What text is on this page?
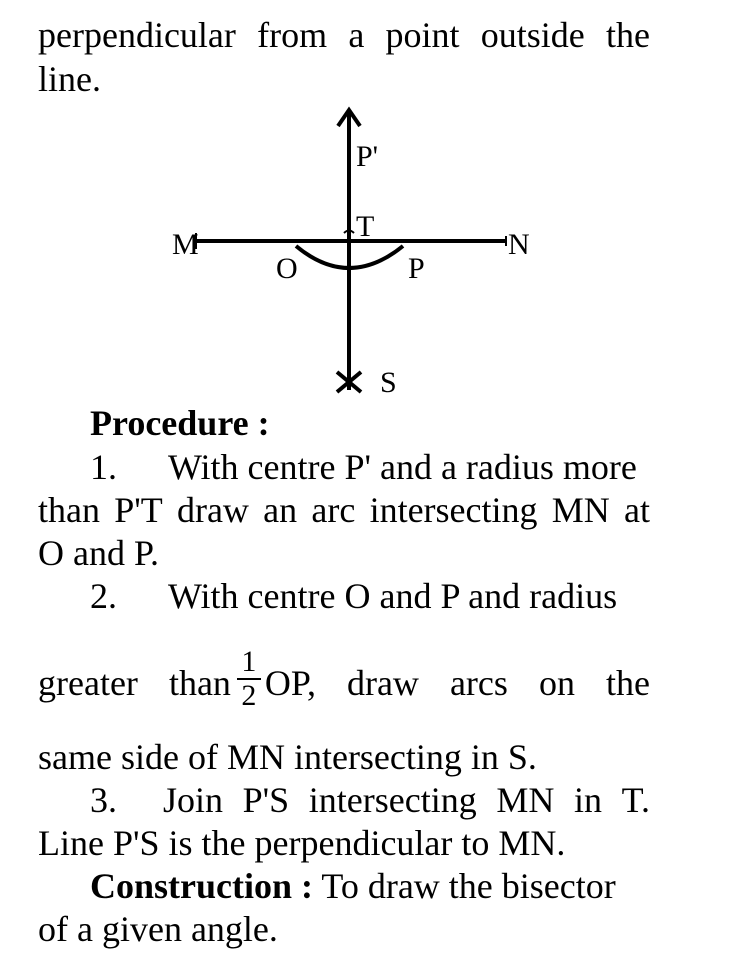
perpendicular from a point outside the
line.
P'
T
M	N
O	P
S
Procedure :
1. With centre P' and a radius more
than P'T draw an arc intersecting MN at
O and P.
2. With centre O and P and radius
greater than $\frac{1}{2}$ OP, draw arcs on the
same side of MN intersecting in S.
3. Join P'S intersecting MN in T.
Line P'S is the perpendicular to MN.
Construction : To draw the bisector
of a given angle.
